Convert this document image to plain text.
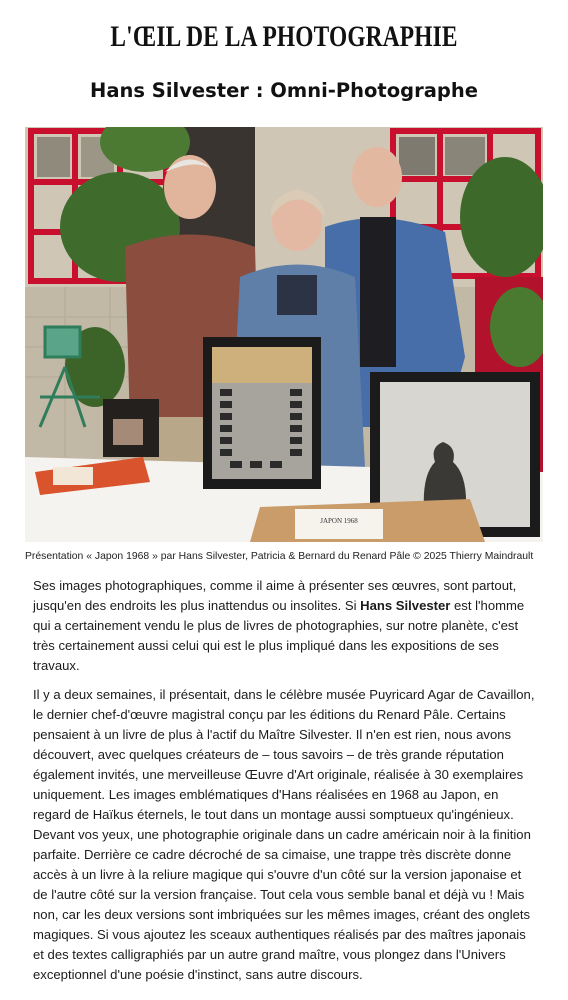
L'ŒIL DE LA PHOTOGRAPHIE
Hans Silvester : Omni-Photographe
JAPON 1968
Présentation « Japon 1968 » par Hans Silvester, Patricia & Bernard du Renard Pâle © 2025 Thierry Maindrault
Ses images photographiques, comme il aime à présenter ses œuvres, sont partout,
jusqu'en des endroits les plus inattendus ou insolites. Si Hans Silvester est l'homme
qui a certainement vendu le plus de livres de photographies, sur notre planète, c'est
très certainement aussi celui qui est le plus impliqué dans les expositions de ses
travaux.
Il y a deux semaines, il présentait, dans le célèbre musée Puyricard Agar de Cavaillon,
le dernier chef-d'œuvre magistral conçu par les éditions du Renard Pâle. Certains
pensaient à un livre de plus à l'actif du Maître Silvester. Il n'en est rien, nous avons
découvert, avec quelques créateurs de – tous savoirs – de très grande réputation
également invités, une merveilleuse Œuvre d'Art originale, réalisée à 30 exemplaires
uniquement. Les images emblématiques d'Hans réalisées en 1968 au Japon, en
regard de Haïkus éternels, le tout dans un montage aussi somptueux qu'ingénieux.
Devant vos yeux, une photographie originale dans un cadre américain noir à la finition
parfaite. Derrière ce cadre décroché de sa cimaise, une trappe très discrète donne
accès à un livre à la reliure magique qui s'ouvre d'un côté sur la version japonaise et
de l'autre côté sur la version française. Tout cela vous semble banal et déjà vu ! Mais
non, car les deux versions sont imbriquées sur les mêmes images, créant des onglets
magiques. Si vous ajoutez les sceaux authentiques réalisés par des maîtres japonais
et des textes calligraphiés par un autre grand maître, vous plongez dans l'Univers
exceptionnel d'une poésie d'instinct, sans autre discours.
